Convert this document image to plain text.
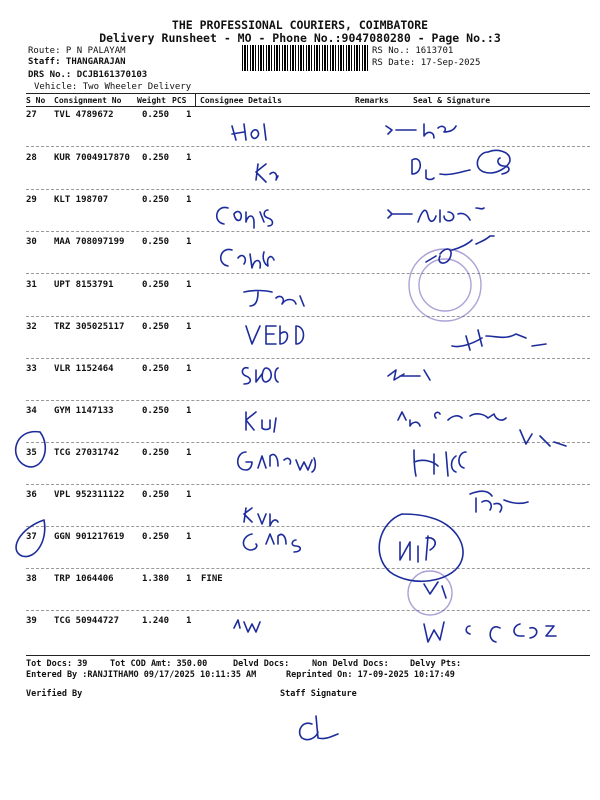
THE PROFESSIONAL COURIERS, COIMBATORE
Delivery Runsheet - MO - Phone No.:9047080280 - Page No.:3
Route: P N PALAYAM
Staff: THANGARAJAN
DRS No.: DCJB161370103
Vehicle: Two Wheeler Delivery
RS No.: 1613701
RS Date: 17-Sep-2025
S No Consignment No Weight PCS Consignee Details	Remarks	Seal & Signature
27 TVL 4789672	0.250 1
28 KUR 7004917870 0.250 1
29 KLT 198707	0.250 1
30 MAA 708097199 0.250 1
31 UPT 8153791	0.250 1
32 TRZ 305025117 0.250 1
33 VLR 1152464	0.250 1
34 GYM 1147133	0.250 1
35 TCG 27031742	0.250 1
36 VPL 952311122 0.250 1
37 GGN 901217619 0.250 1
38 TRP 1064406	1.380 1 FINE
39 TCG 50944727	1.240 1
Tot Docs: 39	Tot COD Amt: 350.00	Delvd Docs:	Non Delvd Docs: Delvy Pts:
Entered By :RANJITHAMO 09/17/2025 10:11:35 AM	Reprinted On: 17-09-2025 10:17:49
Verified By	Staff Signature
